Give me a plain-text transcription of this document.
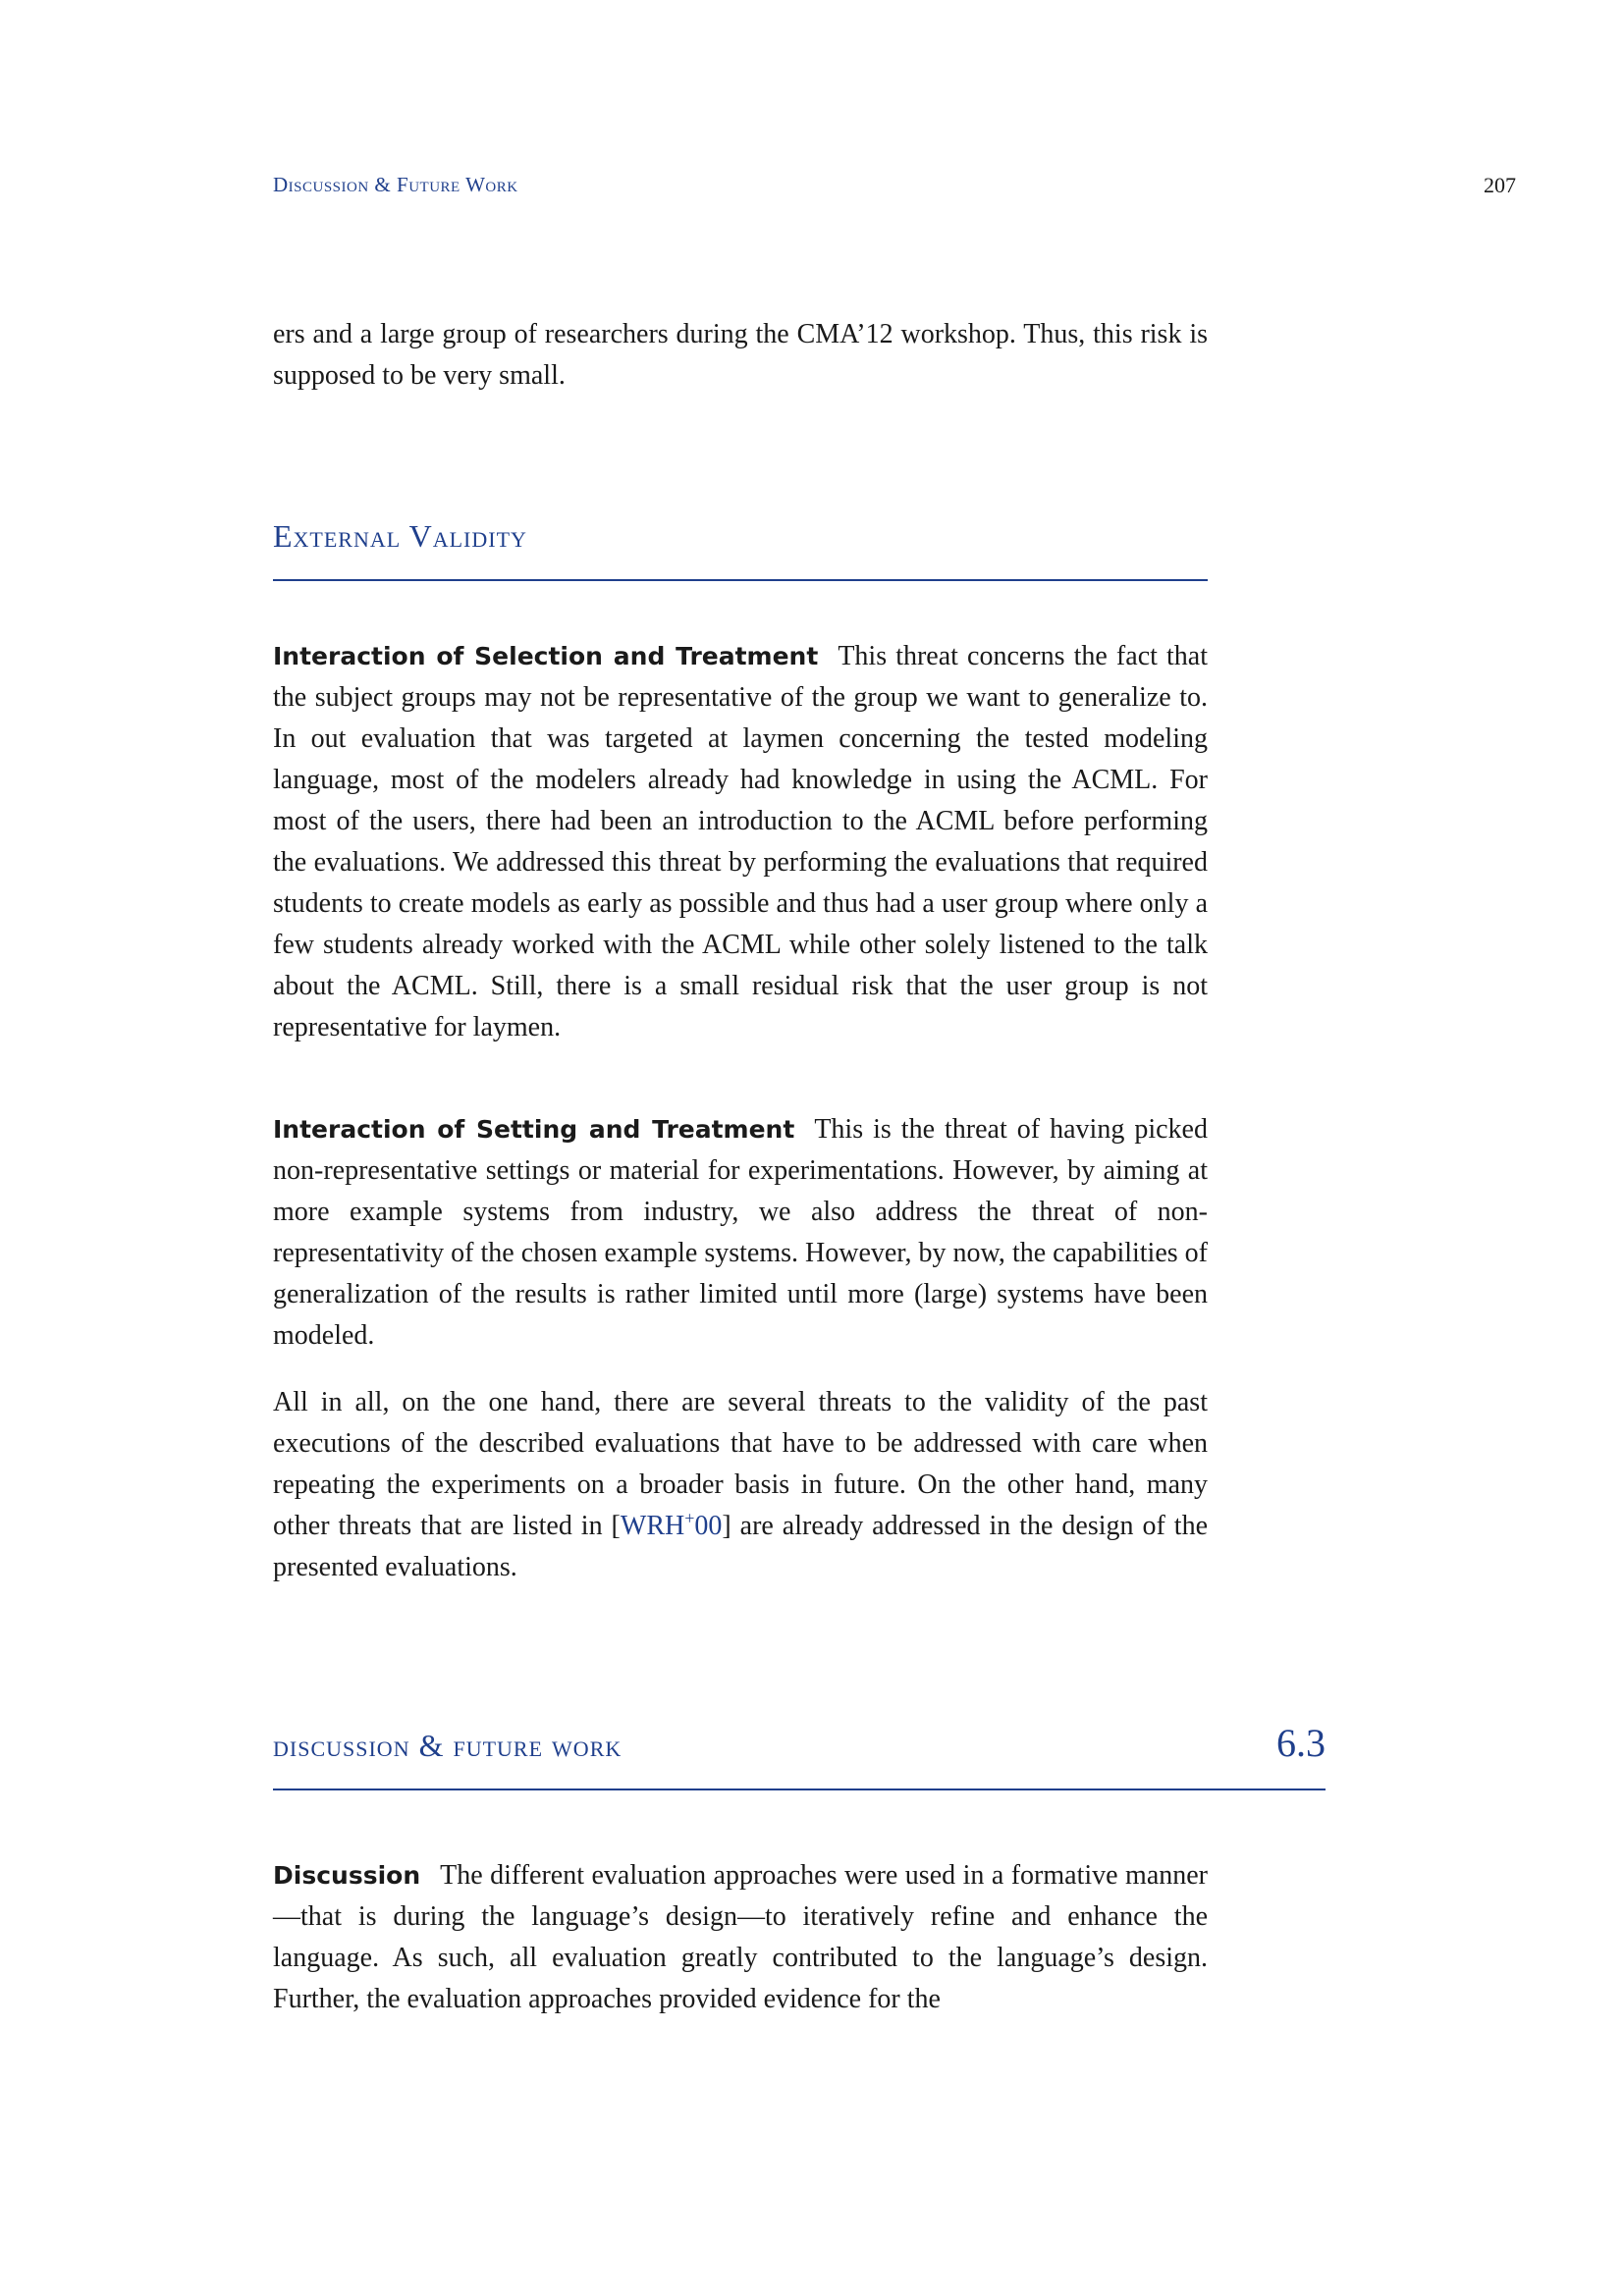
Discussion & Future Work	207

ers and a large group of researchers during the CMA’12 workshop. Thus, this risk is supposed to be very small.

External Validity

Interaction of Selection and Treatment This threat concerns the fact that the subject groups may not be representative of the group we want to generalize to. In out evaluation that was targeted at laymen concerning the tested modeling language, most of the modelers already had knowledge in using the ACML. For most of the users, there had been an introduction to the ACML before performing the evaluations. We addressed this threat by performing the evaluations that required students to create models as early as possible and thus had a user group where only a few students already worked with the ACML while other solely listened to the talk about the ACML. Still, there is a small residual risk that the user group is not representative for laymen.

Interaction of Setting and Treatment This is the threat of having picked non-representative settings or material for experimentations. However, by aiming at more example systems from industry, we also address the threat of non-representativity of the chosen example systems. However, by now, the capabilities of generalization of the results is rather limited until more (large) systems have been modeled.

All in all, on the one hand, there are several threats to the validity of the past executions of the described evaluations that have to be addressed with care when repeating the experiments on a broader basis in future. On the other hand, many other threats that are listed in [WRH+00] are already addressed in the design of the presented evaluations.

discussion & future work	6.3

Discussion The different evaluation approaches were used in a formative manner—that is during the language’s design—to iteratively refine and enhance the language. As such, all evaluation greatly contributed to the language’s design. Further, the evaluation approaches provided evidence for the
